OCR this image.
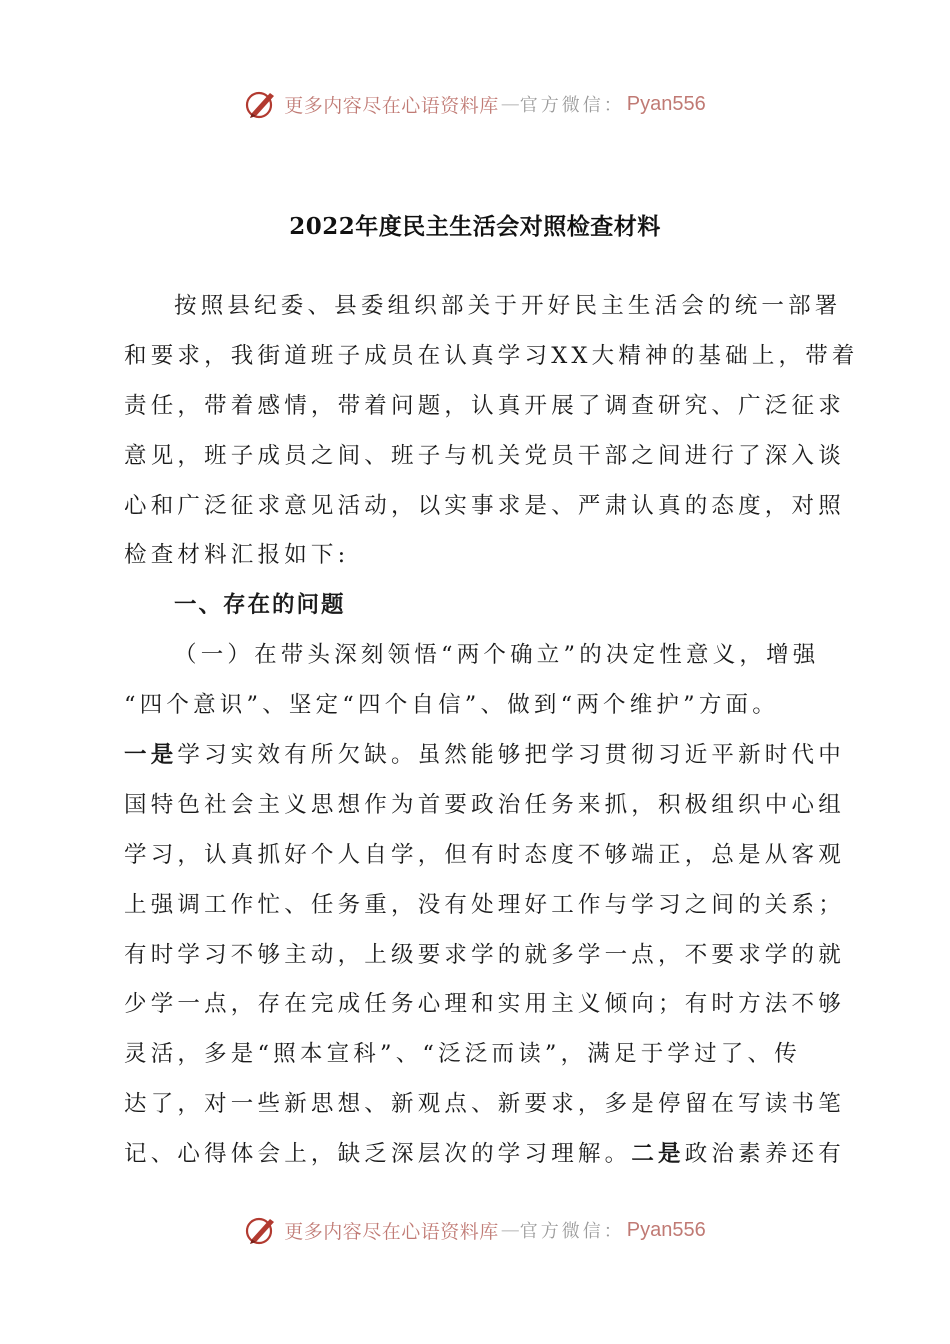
更多内容尽在心语资料库 — 官方微信： Pyan556
2022年度民主生活会对照检查材料
按照县纪委、县委组织部关于开好民主生活会的统一部署
和要求，我街道班子成员在认真学习XX大精神的基础上，带着
责任，带着感情，带着问题，认真开展了调查研究、广泛征求
意见，班子成员之间、班子与机关党员干部之间进行了深入谈
心和广泛征求意见活动，以实事求是、严肃认真的态度，对照
检查材料汇报如下:
一、存在的问题
（一）在带头深刻领悟“两个确立”的决定性意义，增强
“四个意识”、坚定“四个自信”、做到“两个维护”方面。
一是学习实效有所欠缺。虽然能够把学习贯彻习近平新时代中
国特色社会主义思想作为首要政治任务来抓，积极组织中心组
学习，认真抓好个人自学，但有时态度不够端正，总是从客观
上强调工作忙、任务重，没有处理好工作与学习之间的关系；
有时学习不够主动，上级要求学的就多学一点，不要求学的就
少学一点，存在完成任务心理和实用主义倾向；有时方法不够
灵活，多是“照本宣科”、“泛泛而读”，满足于学过了、传
达了，对一些新思想、新观点、新要求，多是停留在写读书笔
记、心得体会上，缺乏深层次的学习理解。二是政治素养还有
更多内容尽在心语资料库 — 官方微信： Pyan556
